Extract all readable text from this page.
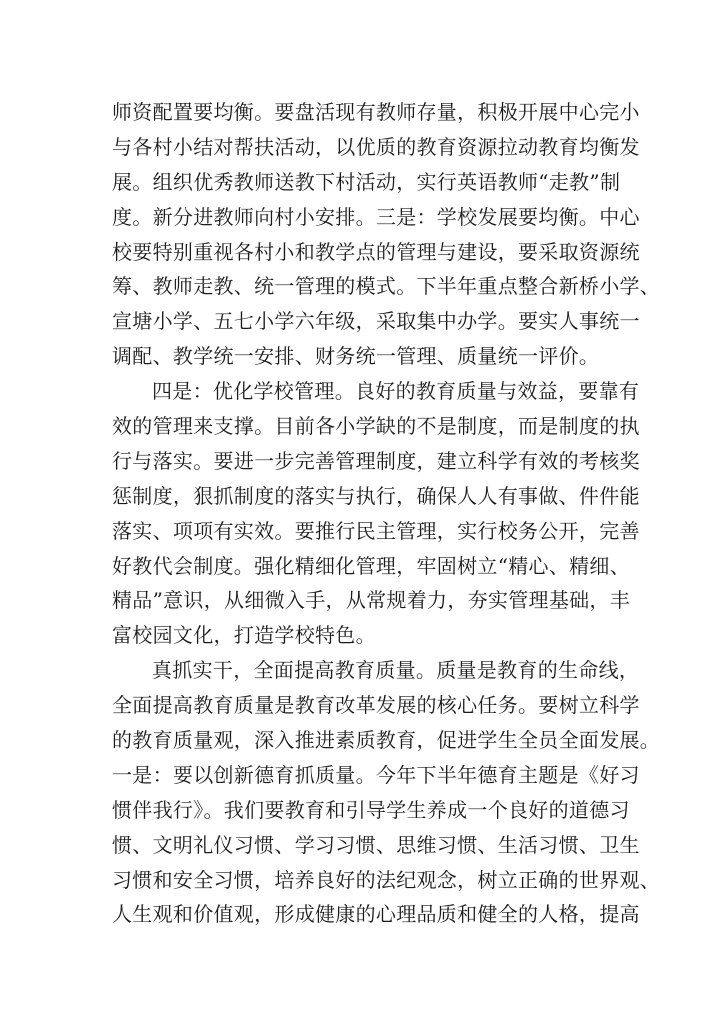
师资配置要均衡。要盘活现有教师存量，积极开展中心完小
与各村小结对帮扶活动，以优质的教育资源拉动教育均衡发
展。组织优秀教师送教下村活动，实行英语教师“走教”制
度。新分进教师向村小安排。三是：学校发展要均衡。中心
校要特别重视各村小和教学点的管理与建设，要采取资源统
筹、教师走教、统一管理的模式。下半年重点整合新桥小学、
宣塘小学、五七小学六年级，采取集中办学。要实人事统一
调配、教学统一安排、财务统一管理、质量统一评价。
四是：优化学校管理。良好的教育质量与效益，要靠有
效的管理来支撑。目前各小学缺的不是制度，而是制度的执
行与落实。要进一步完善管理制度，建立科学有效的考核奖
惩制度，狠抓制度的落实与执行，确保人人有事做、件件能
落实、项项有实效。要推行民主管理，实行校务公开，完善
好教代会制度。强化精细化管理，牢固树立“精心、精细、
精品”意识，从细微入手，从常规着力，夯实管理基础，丰
富校园文化，打造学校特色。
真抓实干，全面提高教育质量。质量是教育的生命线，
全面提高教育质量是教育改革发展的核心任务。要树立科学
的教育质量观，深入推进素质教育，促进学生全员全面发展。
一是：要以创新德育抓质量。今年下半年德育主题是《好习
惯伴我行》。我们要教育和引导学生养成一个良好的道德习
惯、文明礼仪习惯、学习习惯、思维习惯、生活习惯、卫生
习惯和安全习惯，培养良好的法纪观念，树立正确的世界观、
人生观和价值观，形成健康的心理品质和健全的人格，提高
